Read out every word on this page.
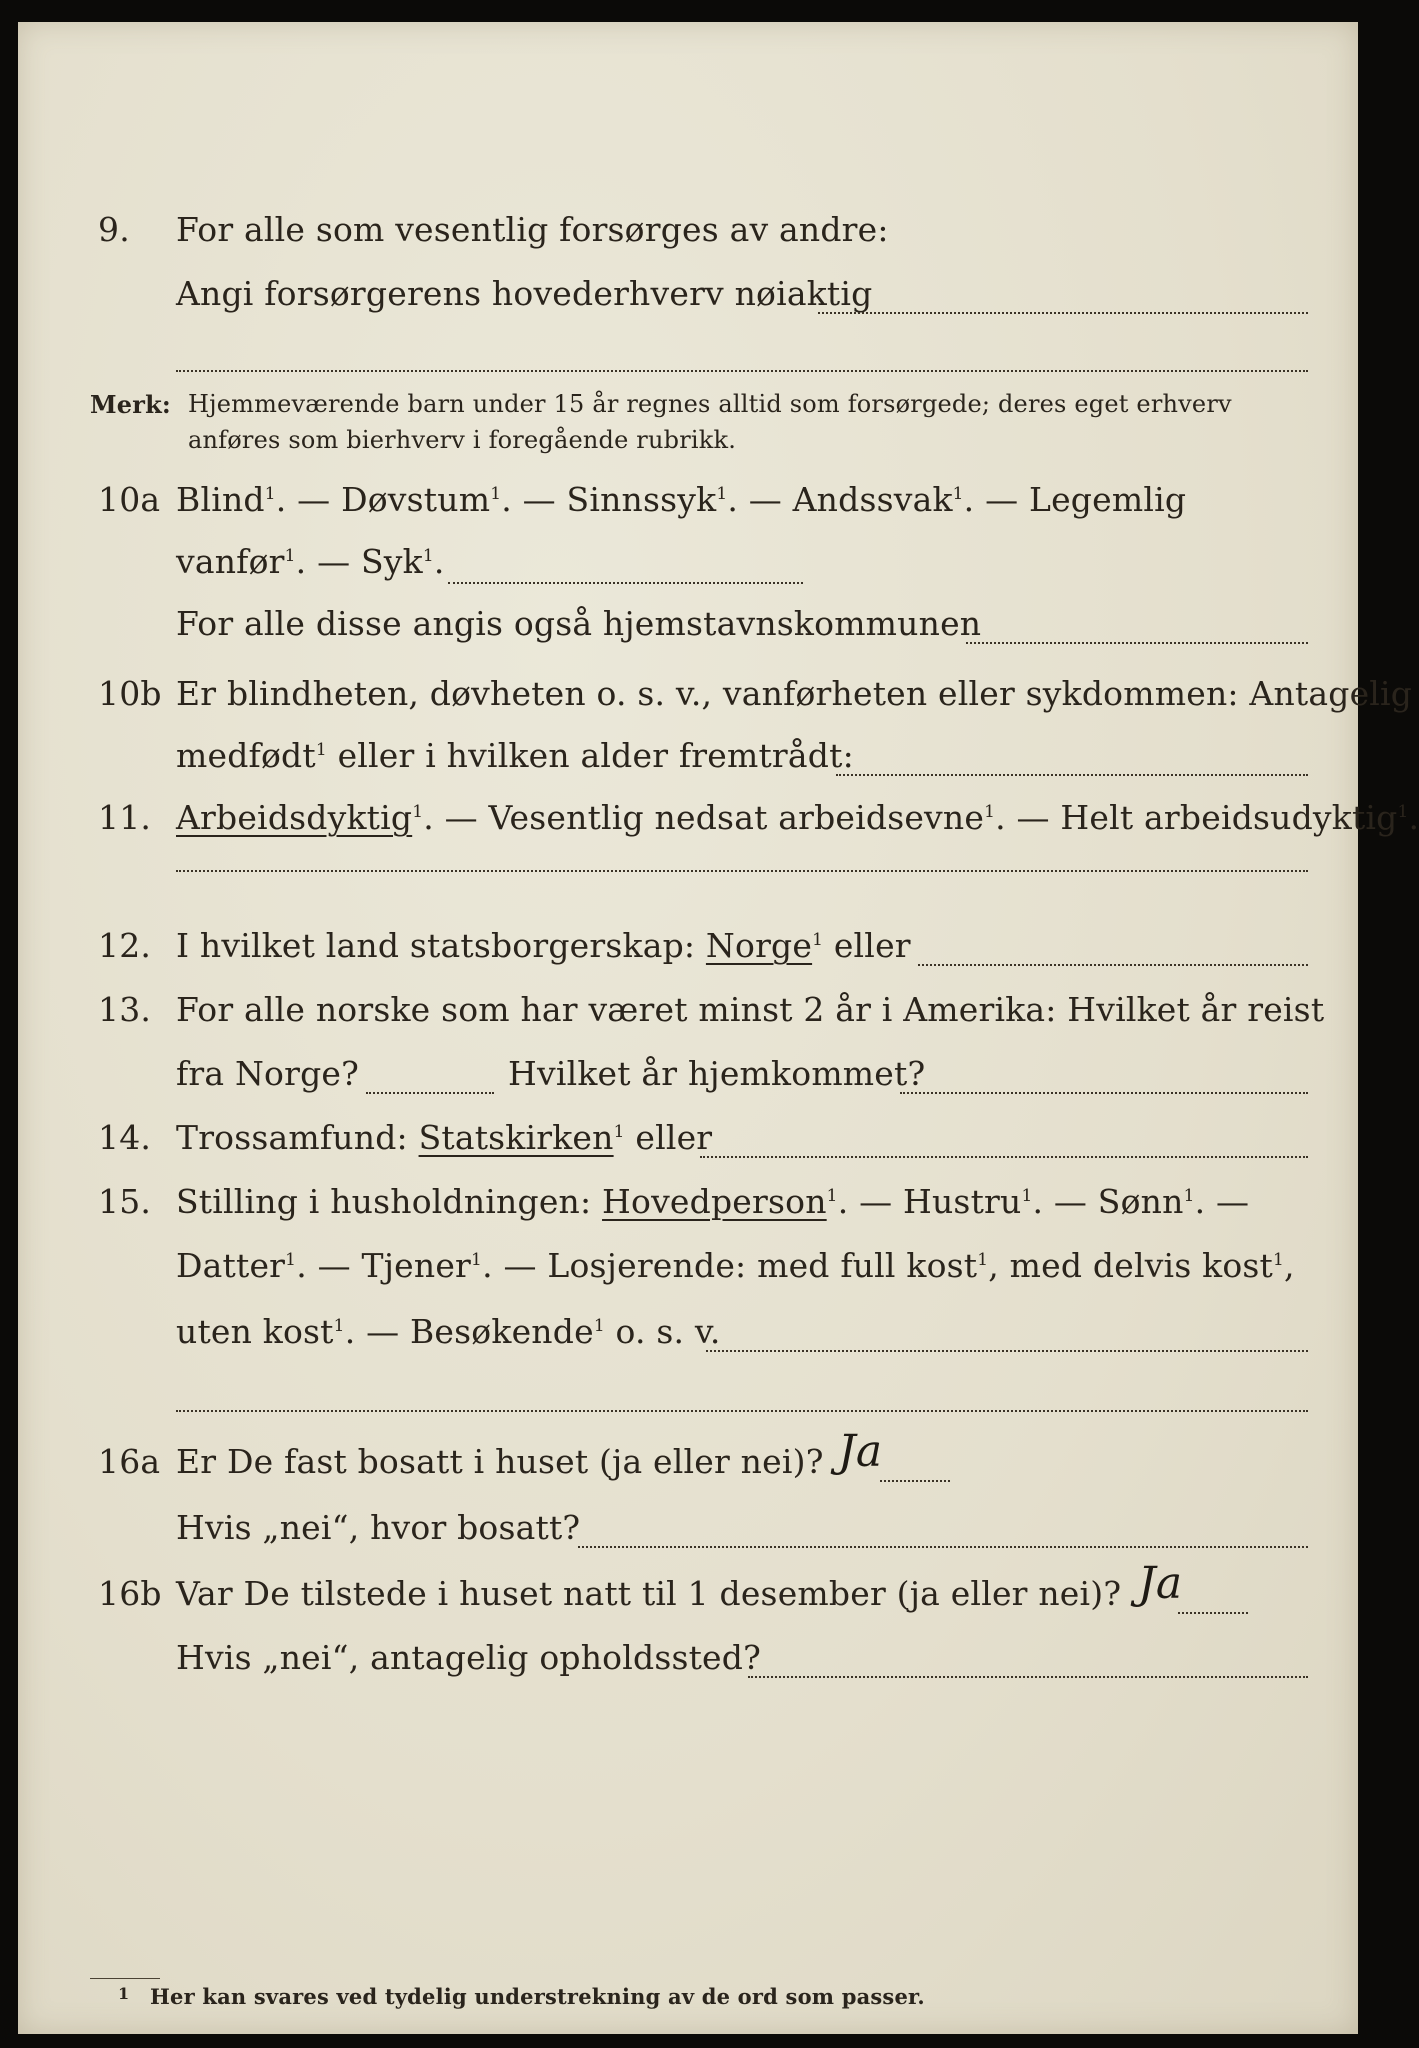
9. For alle som vesentlig forsørges av andre:
Angi forsørgerens hovederhverv nøiaktig
Merk: Hjemmeværende barn under 15 år regnes alltid som forsørgede; deres eget erhverv
anføres som bierhverv i foregående rubrikk.
10a Blind$^1$. — Døvstum$^1$. — Sinnssyk$^1$. — Andssvak$^1$. — Legemlig
vanfør$^1$. — Syk$^1$.
For alle disse angis også hjemstavnskommunen
10b Er blindheten, døvheten o. s. v., vanførheten eller sykdommen: Antagelig
medfødt$^1$ eller i hvilken alder fremtrådt:
11. Arbeidsdyktig$^1$. — Vesentlig nedsat arbeidsevne$^1$. — Helt arbeidsudyktig$^1$.
12. I hvilket land statsborgerskap: Norge$^1$ eller
13. For alle norske som har været minst 2 år i Amerika: Hvilket år reist
fra Norge?	Hvilket år hjemkommet?
14. Trossamfund: Statskirken$^1$ eller
15. Stilling i husholdningen: Hovedperson$^1$. — Hustru$^1$. — Sønn$^1$. —
Datter$^1$. — Tjener$^1$. — Losjerende: med full kost$^1$, med delvis kost$^1$,
uten kost$^1$. — Besøkende$^1$ o. s. v.
16a Er De fast bosatt i huset (ja eller nei)? Ja
Hvis „nei“, hvor bosatt?
16b Var De tilstede i huset natt til 1 desember (ja eller nei)? Ja
Hvis „nei“, antagelig opholdssted?
1 Her kan svares ved tydelig understrekning av de ord som passer.
